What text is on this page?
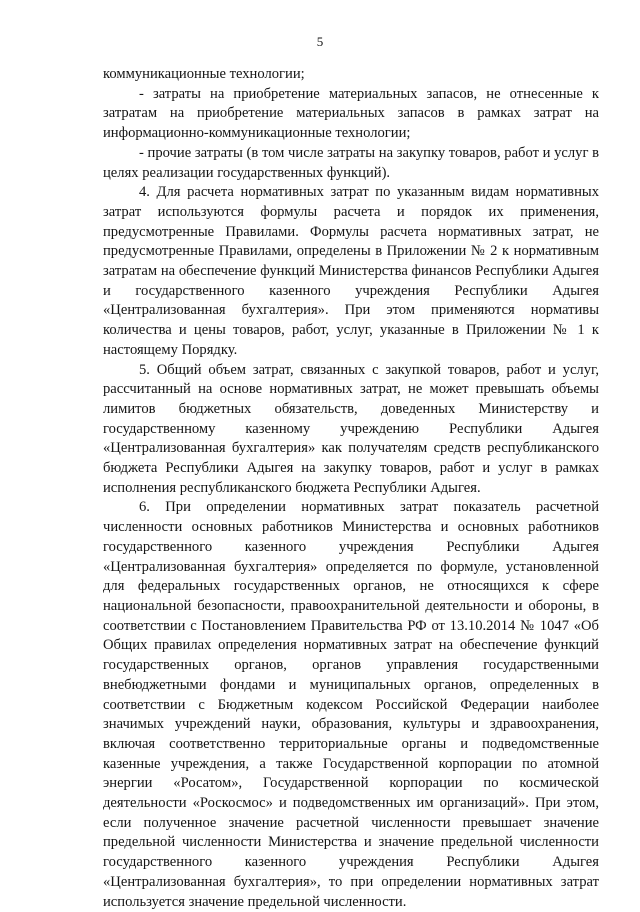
5

коммуникационные технологии;

- затраты на приобретение материальных запасов, не отнесенные к затратам на приобретение материальных запасов в рамках затрат на информационно-коммуникационные технологии;

- прочие затраты (в том числе затраты на закупку товаров, работ и услуг в целях реализации государственных функций).

4. Для расчета нормативных затрат по указанным видам нормативных затрат используются формулы расчета и порядок их применения, предусмотренные Правилами. Формулы расчета нормативных затрат, не предусмотренные Правилами, определены в Приложении № 2 к нормативным затратам на обеспечение функций Министерства финансов Республики Адыгея и государственного казенного учреждения Республики Адыгея «Централизованная бухгалтерия». При этом применяются нормативы количества и цены товаров, работ, услуг, указанные в Приложении № 1 к настоящему Порядку.

5. Общий объем затрат, связанных с закупкой товаров, работ и услуг, рассчитанный на основе нормативных затрат, не может превышать объемы лимитов бюджетных обязательств, доведенных Министерству и государственному казенному учреждению Республики Адыгея «Централизованная бухгалтерия» как получателям средств республиканского бюджета Республики Адыгея на закупку товаров, работ и услуг в рамках исполнения республиканского бюджета Республики Адыгея.

6. При определении нормативных затрат показатель расчетной численности основных работников Министерства и основных работников государственного казенного учреждения Республики Адыгея «Централизованная бухгалтерия» определяется по формуле, установленной для федеральных государственных органов, не относящихся к сфере национальной безопасности, правоохранительной деятельности и обороны, в соответствии с Постановлением Правительства РФ от 13.10.2014 № 1047 «Об Общих правилах определения нормативных затрат на обеспечение функций государственных органов, органов управления государственными внебюджетными фондами и муниципальных органов, определенных в соответствии с Бюджетным кодексом Российской Федерации наиболее значимых учреждений науки, образования, культуры и здравоохранения, включая соответственно территориальные органы и подведомственные казенные учреждения, а также Государственной корпорации по атомной энергии «Росатом», Государственной корпорации по космической деятельности «Роскосмос» и подведомственных им организаций». При этом, если полученное значение расчетной численности превышает значение предельной численности Министерства и значение предельной численности государственного казенного учреждения Республики Адыгея «Централизованная бухгалтерия», то при определении нормативных затрат используется значение предельной численности.
